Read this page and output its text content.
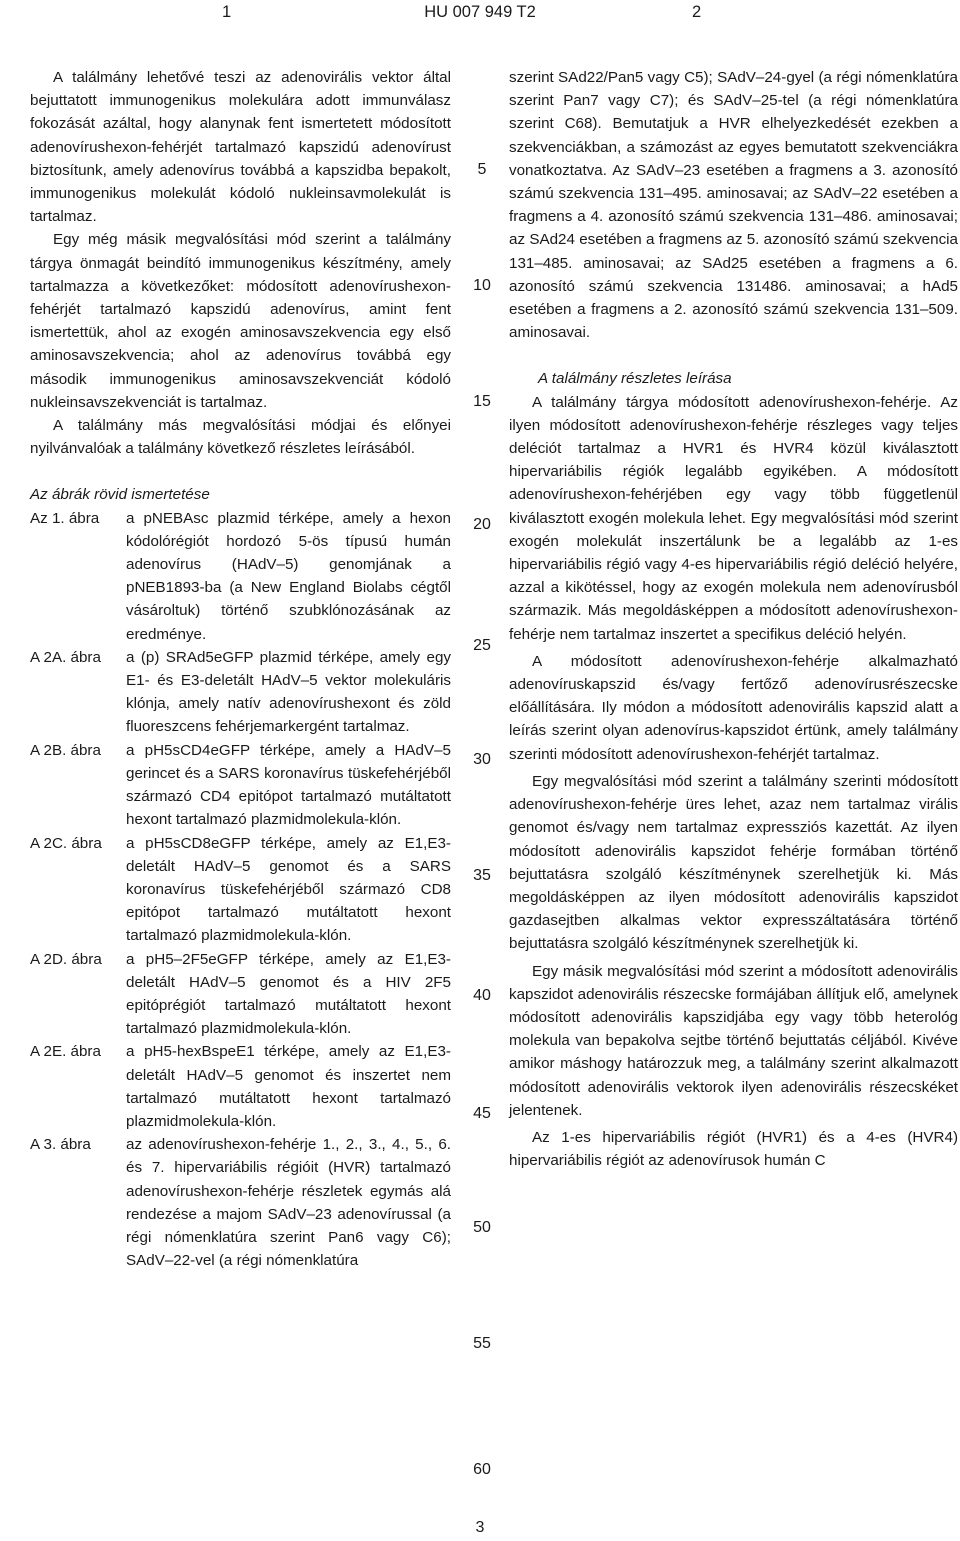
1	HU 007 949 T2	2

A találmány lehetővé teszi az adenovirális vektor által bejuttatott immunogenikus molekulára adott immunválasz fokozását azáltal, hogy alanynak fent ismertetett módosított adenovírushexon-fehérjét tartalmazó kapszidú adenovírust biztosítunk, amely adenovírus továbbá a kapszidba bepakolt, immunogenikus molekulát kódoló nukleinsavmolekulát is tartalmaz.

Egy még másik megvalósítási mód szerint a találmány tárgya önmagát beindító immunogenikus készítmény, amely tartalmazza a következőket: módosított adenovírushexon-fehérjét tartalmazó kapszidú adenovírus, amint fent ismertettük, ahol az exogén aminosavszekvencia egy első aminosavszekvencia; ahol az adenovírus továbbá egy második immunogenikus aminosavszekvenciát kódoló nukleinsavszekvenciát is tartalmaz.

A találmány más megvalósítási módjai és előnyei nyilvánvalóak a találmány következő részletes leírásából.

Az ábrák rövid ismertetése

Az 1. ábra	a pNEBAsc plazmid térképe, amely a hexon kódolórégiót hordozó 5-ös típusú humán adenovírus (HAdV–5) genomjának a pNEB1893-ba (a New England Biolabs cégtől vásároltuk) történő szubklónozásának az eredménye.
A 2A. ábra	a (p) SRAd5eGFP plazmid térképe, amely egy E1- és E3-deletált HAdV–5 vektor molekuláris klónja, amely natív adenovírushexont és zöld fluoreszcens fehérjemarkergént tartalmaz.
A 2B. ábra	a pH5sCD4eGFP térképe, amely a HAdV–5 gerincet és a SARS koronavírus tüskefehérjéből származó CD4 epitópot tartalmazó mutáltatott hexont tartalmazó plazmidmolekula-klón.
A 2C. ábra	a pH5sCD8eGFP térképe, amely az E1,E3-deletált HAdV–5 genomot és a SARS koronavírus tüskefehérjéből származó CD8 epitópot tartalmazó mutáltatott hexont tartalmazó plazmidmolekula-klón.
A 2D. ábra	a pH5–2F5eGFP térképe, amely az E1,E3-deletált HAdV–5 genomot és a HIV 2F5 epitóprégiót tartalmazó mutáltatott hexont tartalmazó plazmidmolekula-klón.
A 2E. ábra	a pH5-hexBspeE1 térképe, amely az E1,E3-deletált HAdV–5 genomot és inszertet nem tartalmazó mutáltatott hexont tartalmazó plazmidmolekula-klón.
A 3. ábra	az adenovírushexon-fehérje 1., 2., 3., 4., 5., 6. és 7. hipervariábilis régióit (HVR) tartalmazó adenovírushexon-fehérje részletek egymás alá rendezése a majom SAdV–23 adenovírussal (a régi nómenklatúra szerint Pan6 vagy C6); SAdV–22-vel (a régi nómenklatúra
5
10
15
20
25
30
35
40
45
50
55
60

szerint SAd22/Pan5 vagy C5); SAdV–24-gyel (a régi nómenklatúra szerint Pan7 vagy C7); és SAdV–25-tel (a régi nómenklatúra szerint C68). Bemutatjuk a HVR elhelyezkedését ezekben a szekvenciákban, a számozást az egyes bemutatott szekvenciákra vonatkoztatva. Az SAdV–23 esetében a fragmens a 3. azonosító számú szekvencia 131–495. aminosavai; az SAdV–22 esetében a fragmens a 4. azonosító számú szekvencia 131–486. aminosavai; az SAd24 esetében a fragmens az 5. azonosító számú szekvencia 131–485. aminosavai; az SAd25 esetében a fragmens a 6. azonosító számú szekvencia 131486. aminosavai; a hAd5 esetében a fragmens a 2. azonosító számú szekvencia 131–509. aminosavai.

A találmány részletes leírása

A találmány tárgya módosított adenovírushexon-fehérje. Az ilyen módosított adenovírushexon-fehérje részleges vagy teljes deléciót tartalmaz a HVR1 és HVR4 közül kiválasztott hipervariábilis régiók legalább egyikében. A módosított adenovírushexon-fehérjében egy vagy több függetlenül kiválasztott exogén molekula lehet. Egy megvalósítási mód szerint exogén molekulát inszertálunk be a legalább az 1-es hipervariábilis régió vagy 4-es hipervariábilis régió deléció helyére, azzal a kikötéssel, hogy az exogén molekula nem adenovírusból származik. Más megoldásképpen a módosított adenovírushexon-fehérje nem tartalmaz inszertet a specifikus deléció helyén.

A módosított adenovírushexon-fehérje alkalmazható adenovíruskapszid és/vagy fertőző adenovírusrészecske előállítására. Ily módon a módosított adenovirális kapszid alatt a leírás szerint olyan adenovírus-kapszidot értünk, amely találmány szerinti módosított adenovírushexon-fehérjét tartalmaz.

Egy megvalósítási mód szerint a találmány szerinti módosított adenovírushexon-fehérje üres lehet, azaz nem tartalmaz virális genomot és/vagy nem tartalmaz expressziós kazettát. Az ilyen módosított adenovirális kapszidot fehérje formában történő bejuttatásra szolgáló készítménynek szerelhetjük ki. Más megoldásképpen az ilyen módosított adenovirális kapszidot gazdasejtben alkalmas vektor expresszáltatására történő bejuttatásra szolgáló készítménynek szerelhetjük ki.

Egy másik megvalósítási mód szerint a módosított adenovirális kapszidot adenovirális részecske formájában állítjuk elő, amelynek módosított adenovirális kapszidjába egy vagy több heterológ molekula van bepakolva sejtbe történő bejuttatás céljából. Kivéve amikor máshogy határozzuk meg, a találmány szerint alkalmazott módosított adenovirális vektorok ilyen adenovirális részecskéket jelentenek.

Az 1-es hipervariábilis régiót (HVR1) és a 4-es (HVR4) hipervariábilis régiót az adenovírusok humán C

3
